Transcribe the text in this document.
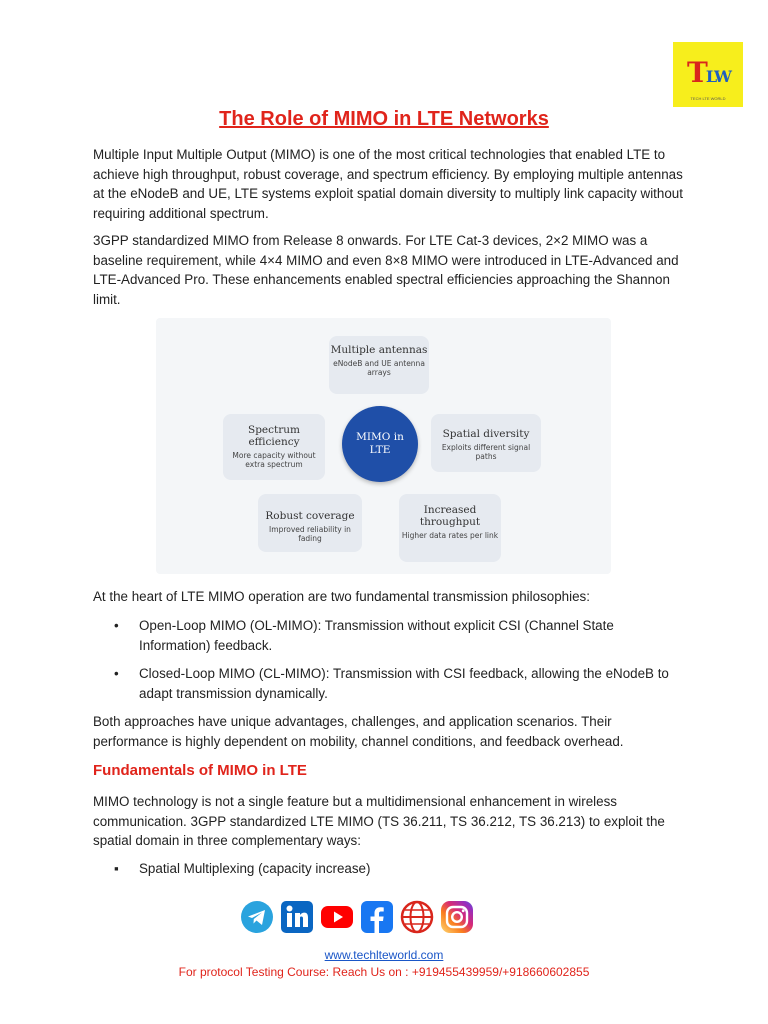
TLW
TECH LTE WORLD
The Role of MIMO in LTE Networks

Multiple Input Multiple Output (MIMO) is one of the most critical technologies that enabled LTE to achieve high throughput, robust coverage, and spectrum efficiency. By employing multiple antennas at the eNodeB and UE, LTE systems exploit spatial domain diversity to multiply link capacity without requiring additional spectrum.

3GPP standardized MIMO from Release 8 onwards. For LTE Cat-3 devices, 2×2 MIMO was a baseline requirement, while 4×4 MIMO and even 8×8 MIMO were introduced in LTE-Advanced and LTE-Advanced Pro. These enhancements enabled spectral efficiencies approaching the Shannon limit.

Multiple antennas
eNodeB and UE antenna arrays
Spatial diversity
Exploits different signal paths
Increased throughput
Higher data rates per link
Robust coverage
Improved reliability in fading
Spectrum efficiency
More capacity without extra spectrum
MIMO in LTE

At the heart of LTE MIMO operation are two fundamental transmission philosophies:

• Open-Loop MIMO (OL-MIMO): Transmission without explicit CSI (Channel State Information) feedback.
• Closed-Loop MIMO (CL-MIMO): Transmission with CSI feedback, allowing the eNodeB to adapt transmission dynamically.

Both approaches have unique advantages, challenges, and application scenarios. Their performance is highly dependent on mobility, channel conditions, and feedback overhead.

Fundamentals of MIMO in LTE

MIMO technology is not a single feature but a multidimensional enhancement in wireless communication. 3GPP standardized LTE MIMO (TS 36.211, TS 36.212, TS 36.213) to exploit the spatial domain in three complementary ways:

▪ Spatial Multiplexing (capacity increase)
www.techlteworld.com
For protocol Testing Course: Reach Us on : +919455439959/+918660602855
